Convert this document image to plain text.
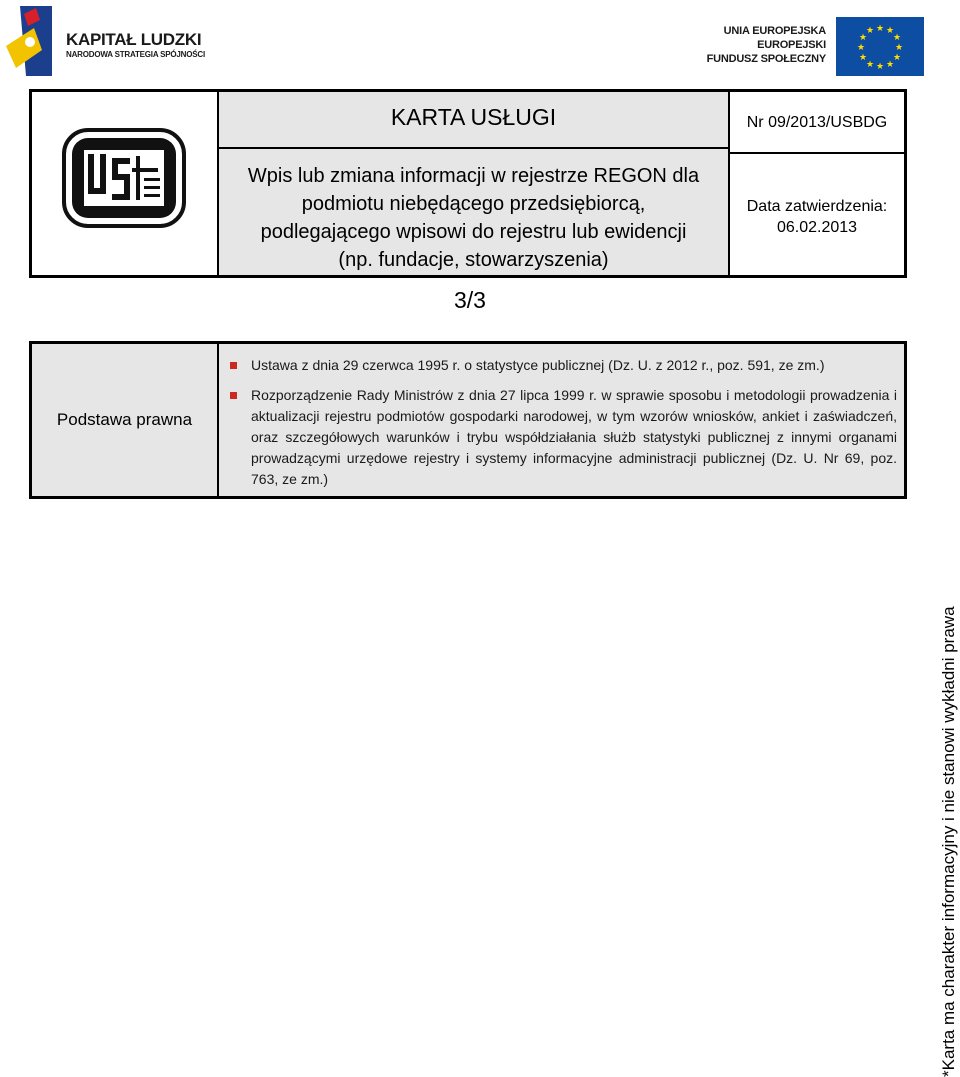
KAPITAŁ LUDZKI
NARODOWA STRATEGIA SPÓJNOŚCI
UNIA EUROPEJSKA
EUROPEJSKI
FUNDUSZ SPOŁECZNY
★ ★
★
★
★
★
★
★
★
★
★
★
KARTA USŁUGI
Wpis lub zmiana informacji w rejestrze REGON dla
podmiotu niebędącego przedsiębiorcą,
podlegającego wpisowi do rejestru lub ewidencji
(np. fundacje, stowarzyszenia)
Nr 09/2013/USBDG
Data zatwierdzenia:
06.02.2013
3/3
Podstawa prawna
Ustawa z dnia 29 czerwca 1995 r. o statystyce publicznej (Dz. U. z 2012 r., poz. 591, ze zm.)
Rozporządzenie Rady Ministrów z dnia 27 lipca 1999 r. w sprawie sposobu i metodologii prowadzenia i aktualizacji rejestru podmiotów gospodarki narodowej, w tym wzorów wniosków, ankiet i zaświadczeń, oraz szczegółowych warunków i trybu współdziałania służb statystyki publicznej z innymi organami prowadzącymi urzędowe rejestry i systemy informacyjne administracji publicznej (Dz. U. Nr 69, poz. 763, ze zm.)
*Karta ma charakter informacyjny i nie stanowi wykładni prawa
